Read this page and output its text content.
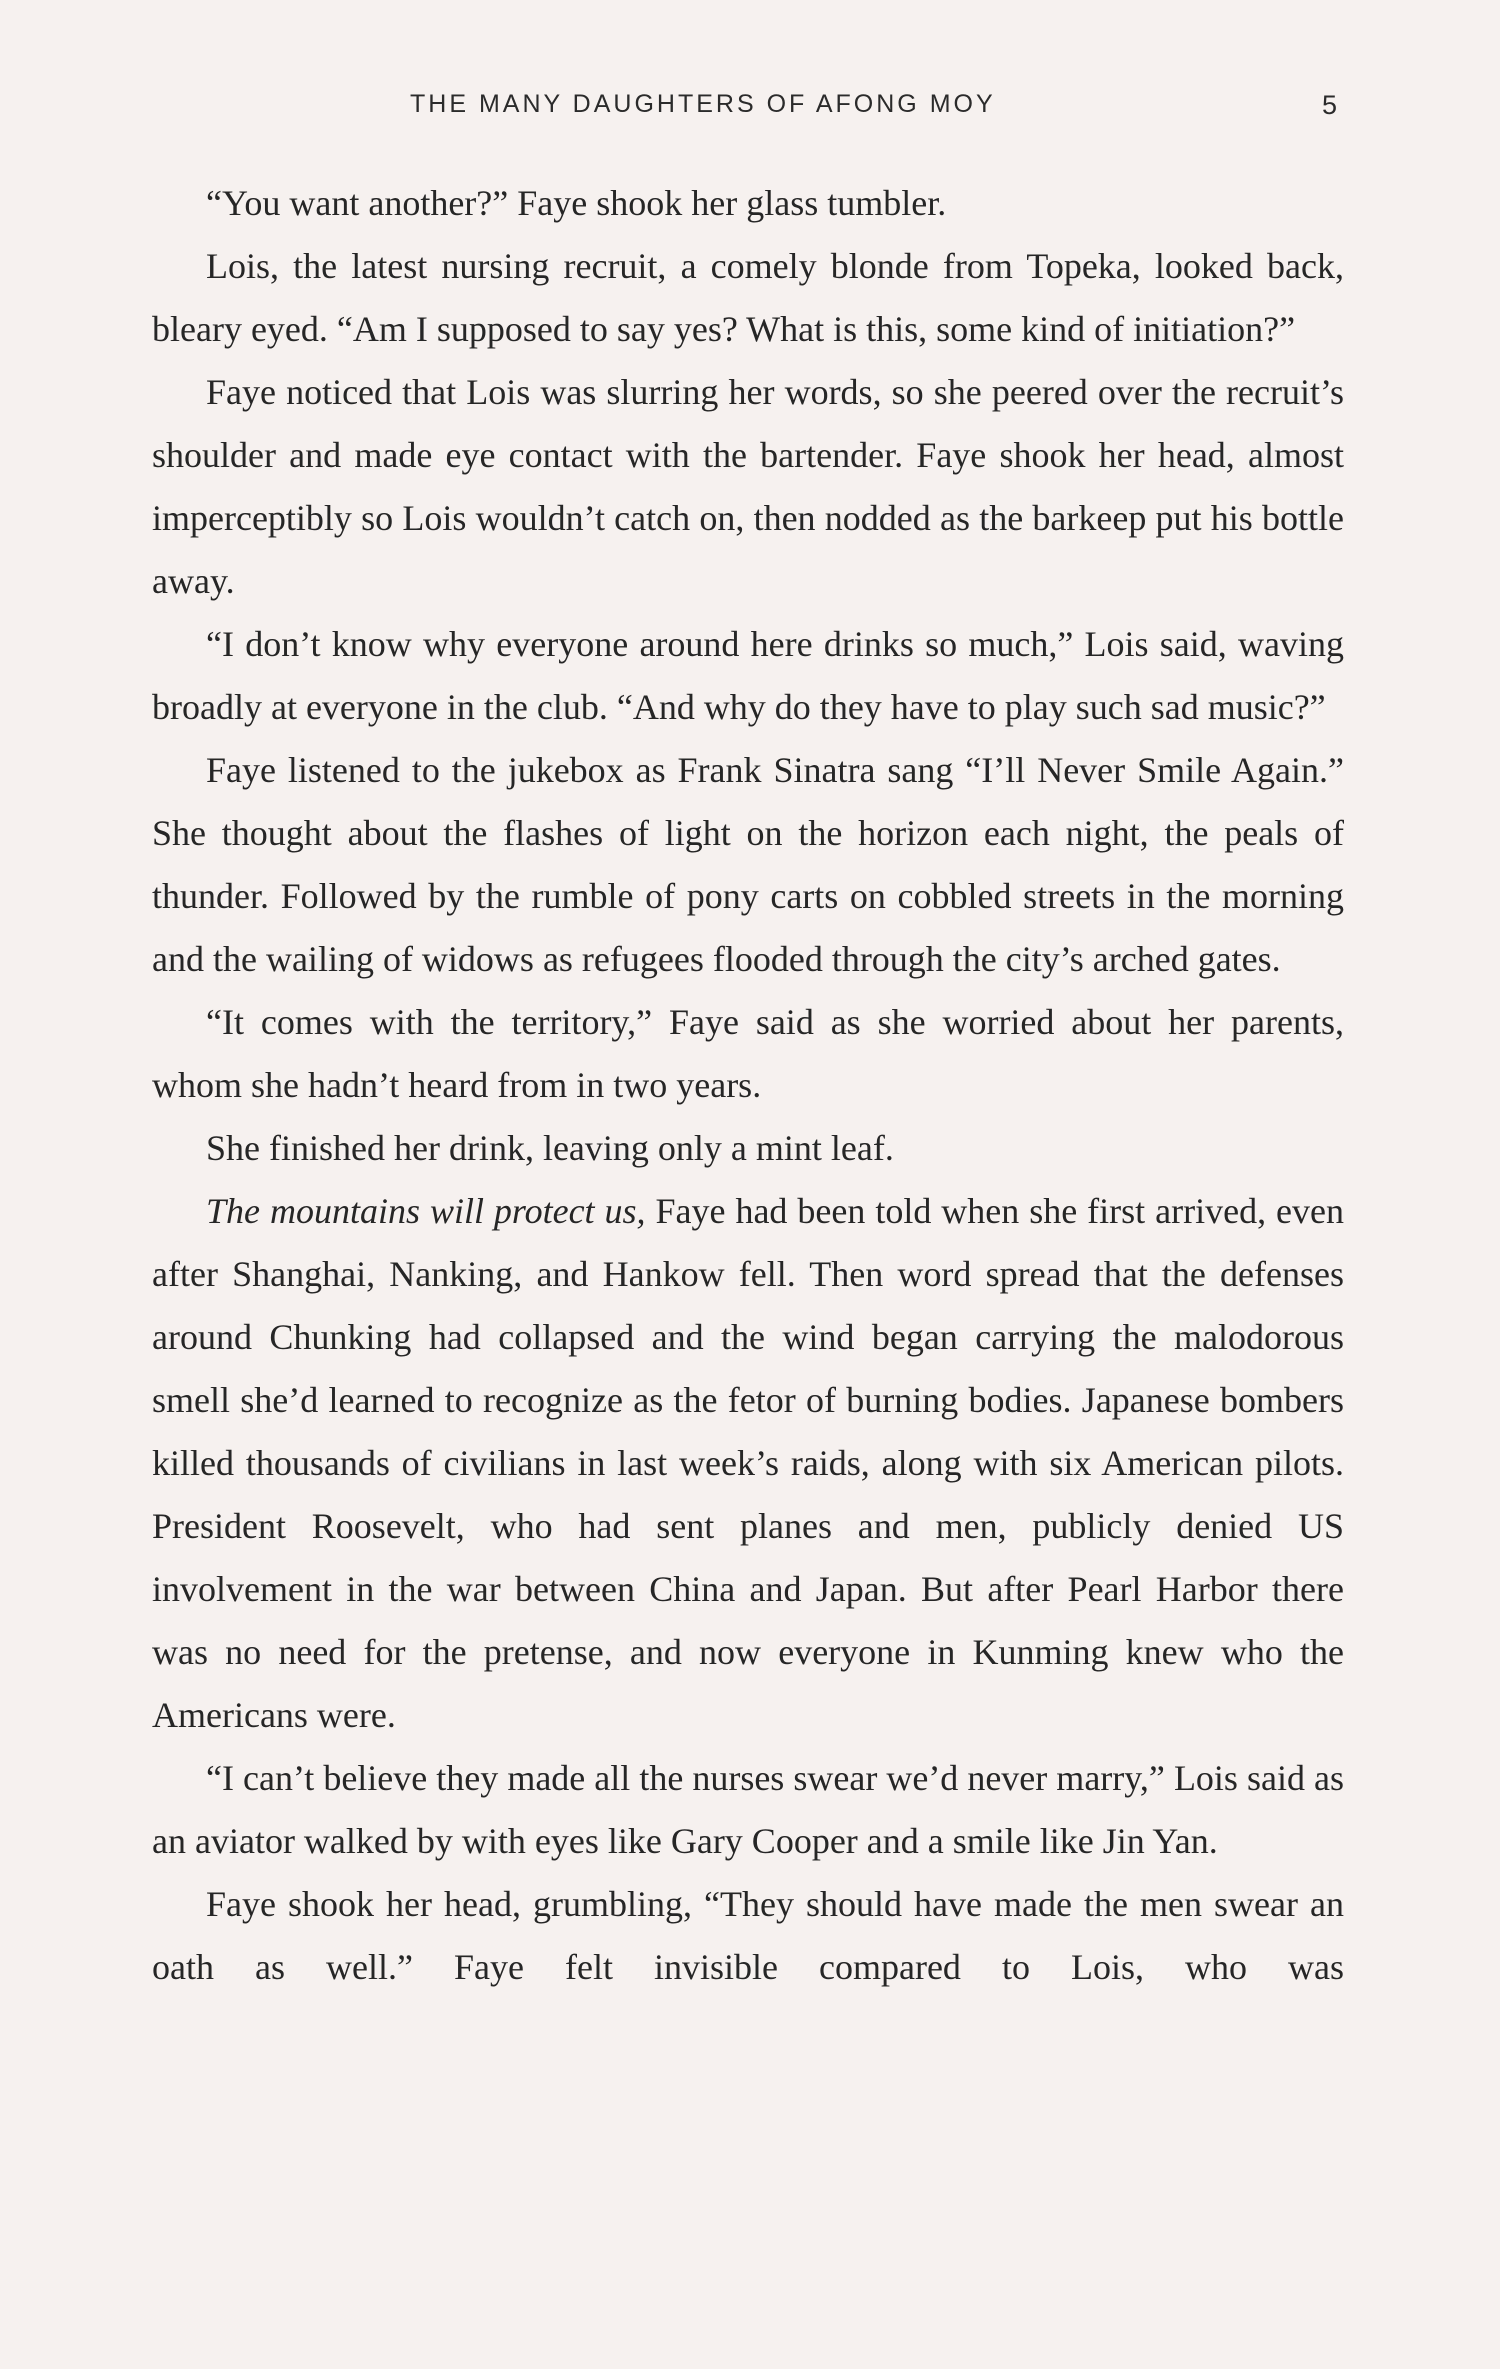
THE MANY DAUGHTERS OF AFONG MOY	5

“You want another?” Faye shook her glass tumbler.

Lois, the latest nursing recruit, a comely blonde from Topeka, looked back, bleary eyed. “Am I supposed to say yes? What is this, some kind of initiation?”

Faye noticed that Lois was slurring her words, so she peered over the recruit’s shoulder and made eye contact with the bartender. Faye shook her head, almost imperceptibly so Lois wouldn’t catch on, then nodded as the barkeep put his bottle away.

“I don’t know why everyone around here drinks so much,” Lois said, waving broadly at everyone in the club. “And why do they have to play such sad music?”

Faye listened to the jukebox as Frank Sinatra sang “I’ll Never Smile Again.” She thought about the flashes of light on the horizon each night, the peals of thunder. Followed by the rumble of pony carts on cobbled streets in the morning and the wailing of widows as refugees flooded through the city’s arched gates.

“It comes with the territory,” Faye said as she worried about her parents, whom she hadn’t heard from in two years.

She finished her drink, leaving only a mint leaf.

The mountains will protect us, Faye had been told when she first arrived, even after Shanghai, Nanking, and Hankow fell. Then word spread that the defenses around Chunking had collapsed and the wind began carrying the malodorous smell she’d learned to recognize as the fetor of burning bodies. Japanese bombers killed thousands of civilians in last week’s raids, along with six American pilots. President Roosevelt, who had sent planes and men, publicly denied US involvement in the war between China and Japan. But after Pearl Harbor there was no need for the pretense, and now everyone in Kunming knew who the Americans were.

“I can’t believe they made all the nurses swear we’d never marry,” Lois said as an aviator walked by with eyes like Gary Cooper and a smile like Jin Yan.

Faye shook her head, grumbling, “They should have made the men swear an oath as well.” Faye felt invisible compared to Lois, who was
